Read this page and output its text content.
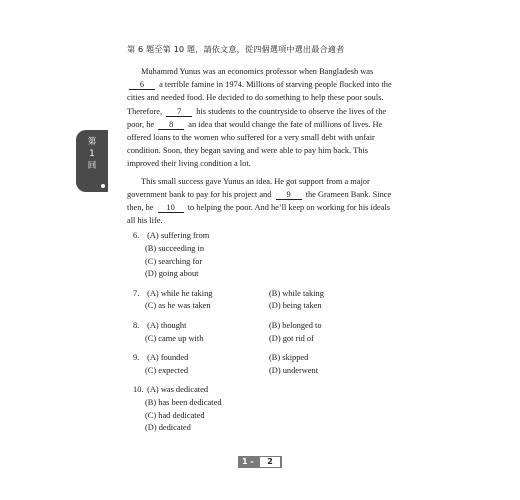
第
1
回
第 6 題至第 10 題，請依文意，從四個選項中選出最合適者

Muhammd Yunus was an economics professor when Bangladesh was 6 a terrible famine in 1974. Millions of starving people flocked into the cities and needed food. He decided to do something to help these poor souls. Therefore, 7 his students to the countryside to observe the lives of the poor, he 8 an idea that would change the fate of millions of lives. He offered loans to the women who suffered for a very small debt with unfair condition. Soon, they began saving and were able to pay him back. This improved their living condition a lot.

This small success gave Yunus an idea. He got support from a major government bank to pay for his project and 9 the Grameen Bank. Since then, he 10 to helping the poor. And he’ll keep on working for his ideals all his life.

6. (A) suffering from
(B) succeeding in
(C) searching for
(D) going about
7. (A) while he taking	(B) while taking
(C) as he was taken	(D) being taken
8. (A) thought	(B) belonged to
(C) came up with	(D) got rid of
9. (A) founded	(B) skipped
(C) expected	(D) underwent
10. (A) was dedicated
(B) has been dedicated
(C) had dedicated
(D) dedicated
1 -	2
